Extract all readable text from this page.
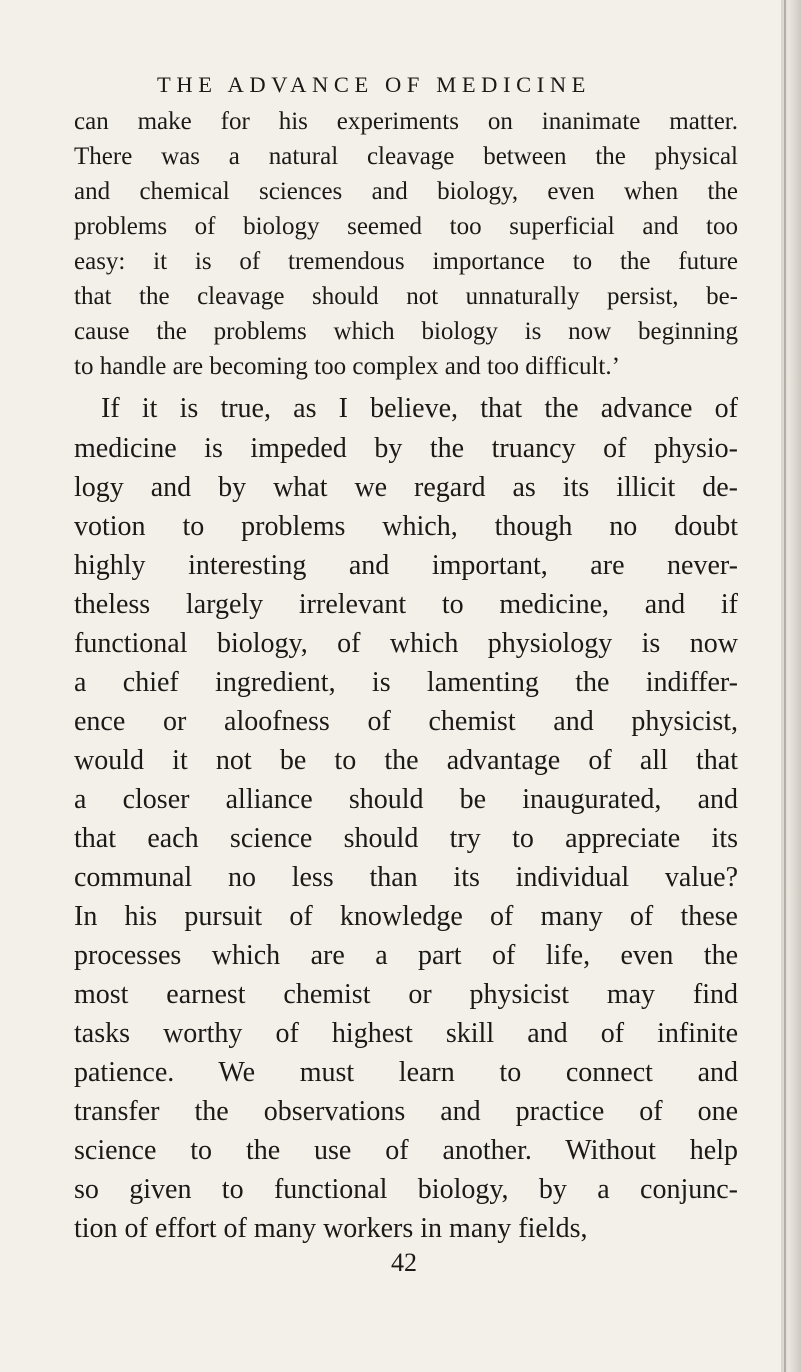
THE ADVANCE OF MEDICINE
can make for his experiments on inanimate matter.
There was a natural cleavage between the physical
and chemical sciences and biology, even when the
problems of biology seemed too superficial and too
easy: it is of tremendous importance to the future
that the cleavage should not unnaturally persist, be-
cause the problems which biology is now beginning
to handle are becoming too complex and too difficult.’
If it is true, as I believe, that the advance of
medicine is impeded by the truancy of physio-
logy and by what we regard as its illicit de-
votion to problems which, though no doubt
highly interesting and important, are never-
theless largely irrelevant to medicine, and if
functional biology, of which physiology is now
a chief ingredient, is lamenting the indiffer-
ence or aloofness of chemist and physicist,
would it not be to the advantage of all that
a closer alliance should be inaugurated, and
that each science should try to appreciate its
communal no less than its individual value?
In his pursuit of knowledge of many of these
processes which are a part of life, even the
most earnest chemist or physicist may find
tasks worthy of highest skill and of infinite
patience. We must learn to connect and
transfer the observations and practice of one
science to the use of another. Without help
so given to functional biology, by a conjunc-
tion of effort of many workers in many fields,
42
